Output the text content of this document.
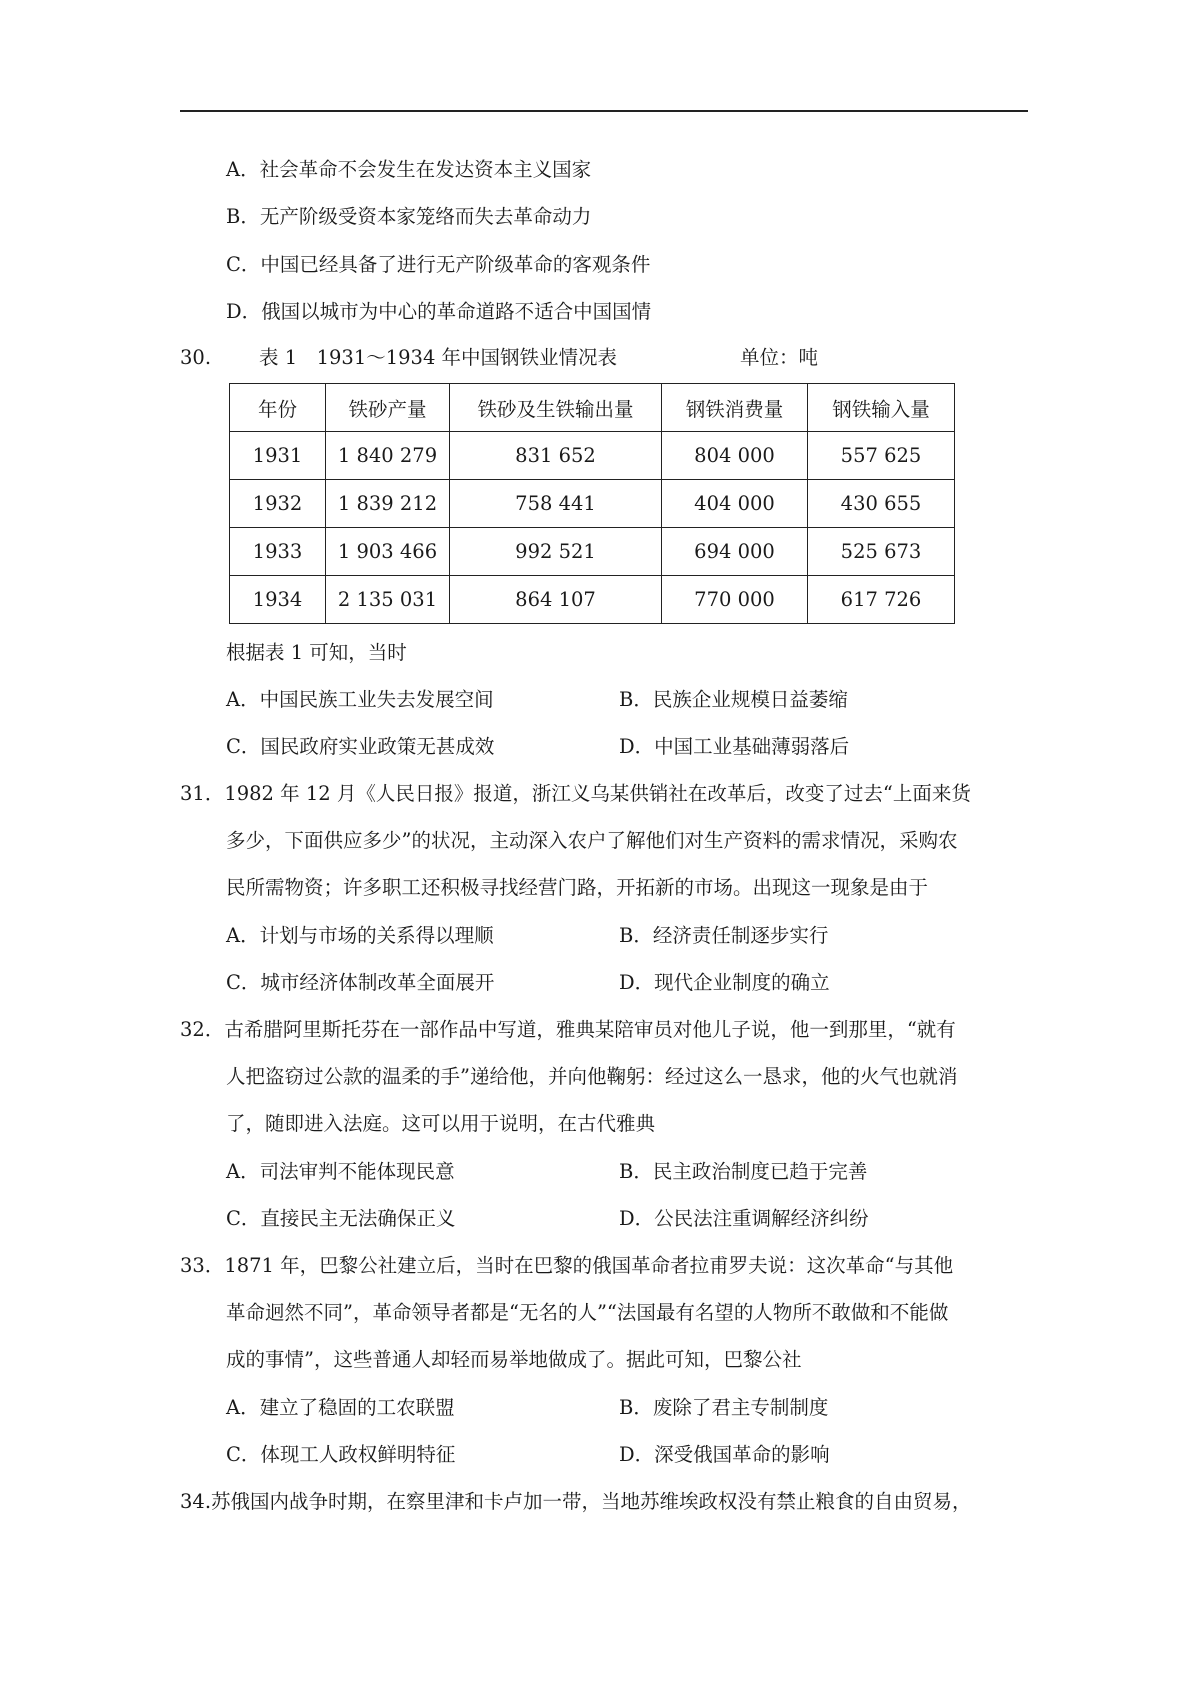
A．社会革命不会发生在发达资本主义国家
B．无产阶级受资本家笼络而失去革命动力
C．中国已经具备了进行无产阶级革命的客观条件
D．俄国以城市为中心的革命道路不适合中国国情
30. 表 1　1931～1934 年中国钢铁业情况表	单位：吨
年份	铁砂产量	铁砂及生铁输出量	钢铁消费量	钢铁输入量
1931	1 840 279	831 652	804 000	557 625
1932	1 839 212	758 441	404 000	430 655
1933	1 903 466	992 521	694 000	525 673
1934	2 135 031	864 107	770 000	617 726
根据表 1 可知，当时
A．中国民族工业失去发展空间	B．民族企业规模日益萎缩
C．国民政府实业政策无甚成效	D．中国工业基础薄弱落后
31．1982 年 12 月《人民日报》报道，浙江义乌某供销社在改革后，改变了过去“上面来货
多少，下面供应多少”的状况，主动深入农户了解他们对生产资料的需求情况，采购农
民所需物资；许多职工还积极寻找经营门路，开拓新的市场。出现这一现象是由于
A．计划与市场的关系得以理顺	B．经济责任制逐步实行
C．城市经济体制改革全面展开	D．现代企业制度的确立
32．古希腊阿里斯托芬在一部作品中写道，雅典某陪审员对他儿子说，他一到那里，“就有
人把盗窃过公款的温柔的手”递给他，并向他鞠躬：经过这么一恳求，他的火气也就消
了，随即进入法庭。这可以用于说明，在古代雅典
A．司法审判不能体现民意	B．民主政治制度已趋于完善
C．直接民主无法确保正义	D．公民法注重调解经济纠纷
33．1871 年，巴黎公社建立后，当时在巴黎的俄国革命者拉甫罗夫说：这次革命“与其他
革命迥然不同”，革命领导者都是“无名的人”“法国最有名望的人物所不敢做和不能做
成的事情”，这些普通人却轻而易举地做成了。据此可知，巴黎公社
A．建立了稳固的工农联盟	B．废除了君主专制制度
C．体现工人政权鲜明特征	D．深受俄国革命的影响
34.苏俄国内战争时期，在察里津和卡卢加一带，当地苏维埃政权没有禁止粮食的自由贸易，
